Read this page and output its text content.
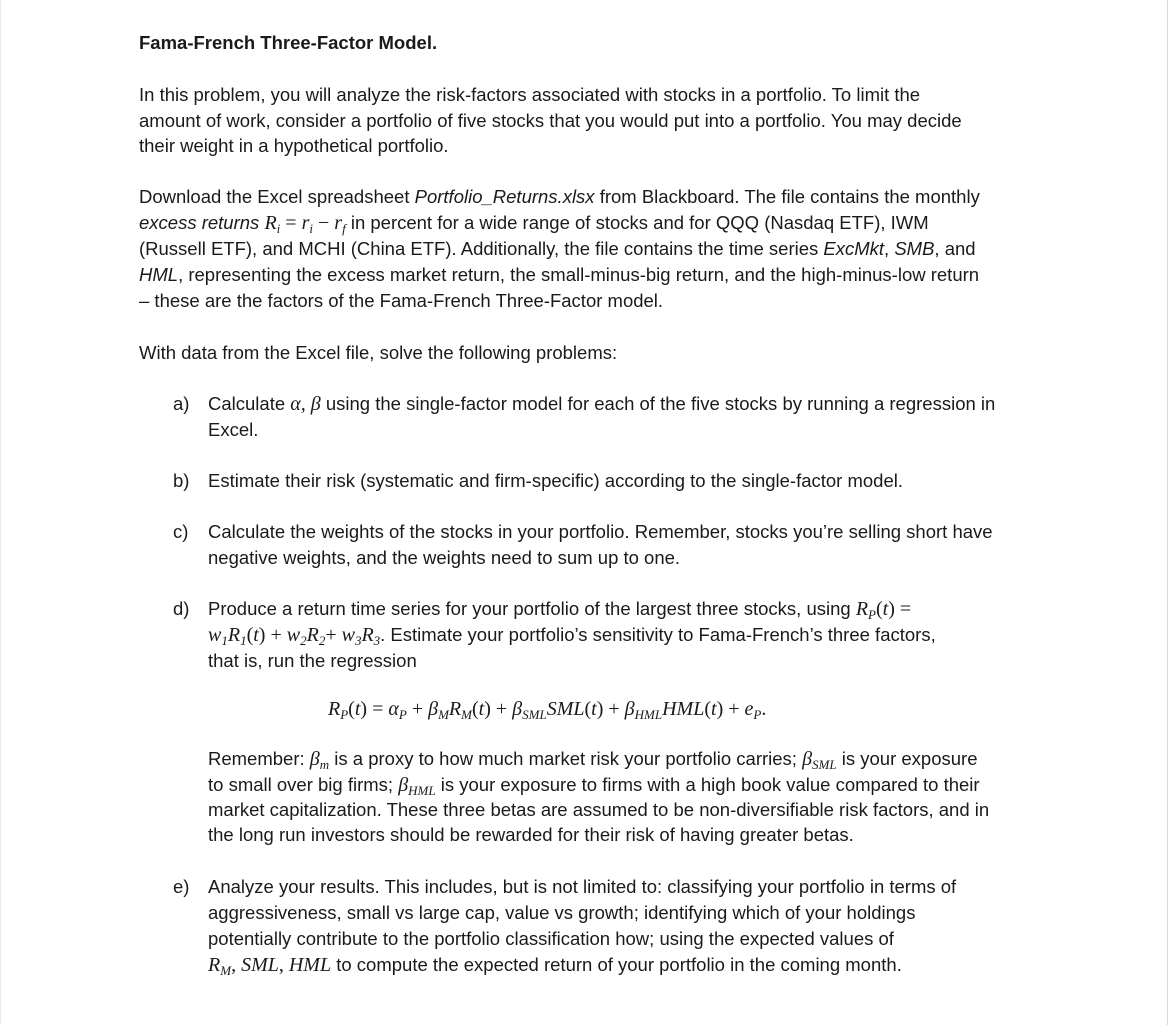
Fama-French Three-Factor Model.
In this problem, you will analyze the risk-factors associated with stocks in a portfolio. To limit the
amount of work, consider a portfolio of five stocks that you would put into a portfolio. You may decide
their weight in a hypothetical portfolio.
Download the Excel spreadsheet Portfolio_Returns.xlsx from Blackboard. The file contains the monthly
excess returns $R_i = r_i - r_f$ in percent for a wide range of stocks and for QQQ (Nasdaq ETF), IWM
(Russell ETF), and MCHI (China ETF). Additionally, the file contains the time series ExcMkt, SMB, and
HML, representing the excess market return, the small-minus-big return, and the high-minus-low return
– these are the factors of the Fama-French Three-Factor model.
With data from the Excel file, solve the following problems:
a) Calculate α, β using the single-factor model for each of the five stocks by running a regression in
Excel.
b) Estimate their risk (systematic and firm-specific) according to the single-factor model.
c) Calculate the weights of the stocks in your portfolio. Remember, stocks you’re selling short have
negative weights, and the weights need to sum up to one.
d) Produce a return time series for your portfolio of the largest three stocks, using $R_P(t)$ =
$w_1R_1(t) + w_2R_2+ w_3R_3$. Estimate your portfolio’s sensitivity to Fama-French’s three factors,
that is, run the regression
$R_P(t) = \alpha_P + \beta_MR_M(t) + \beta_{SML}SML(t) + \beta_{HML}HML(t) + e_P$.
Remember: $\beta_m$ is a proxy to how much market risk your portfolio carries; $\beta_{SML}$ is your exposure
to small over big firms; $\beta_{HML}$ is your exposure to firms with a high book value compared to their
market capitalization. These three betas are assumed to be non-diversifiable risk factors, and in
the long run investors should be rewarded for their risk of having greater betas.
e) Analyze your results. This includes, but is not limited to: classifying your portfolio in terms of
aggressiveness, small vs large cap, value vs growth; identifying which of your holdings
potentially contribute to the portfolio classification how; using the expected values of
$R_M$, SML, HML to compute the expected return of your portfolio in the coming month.
